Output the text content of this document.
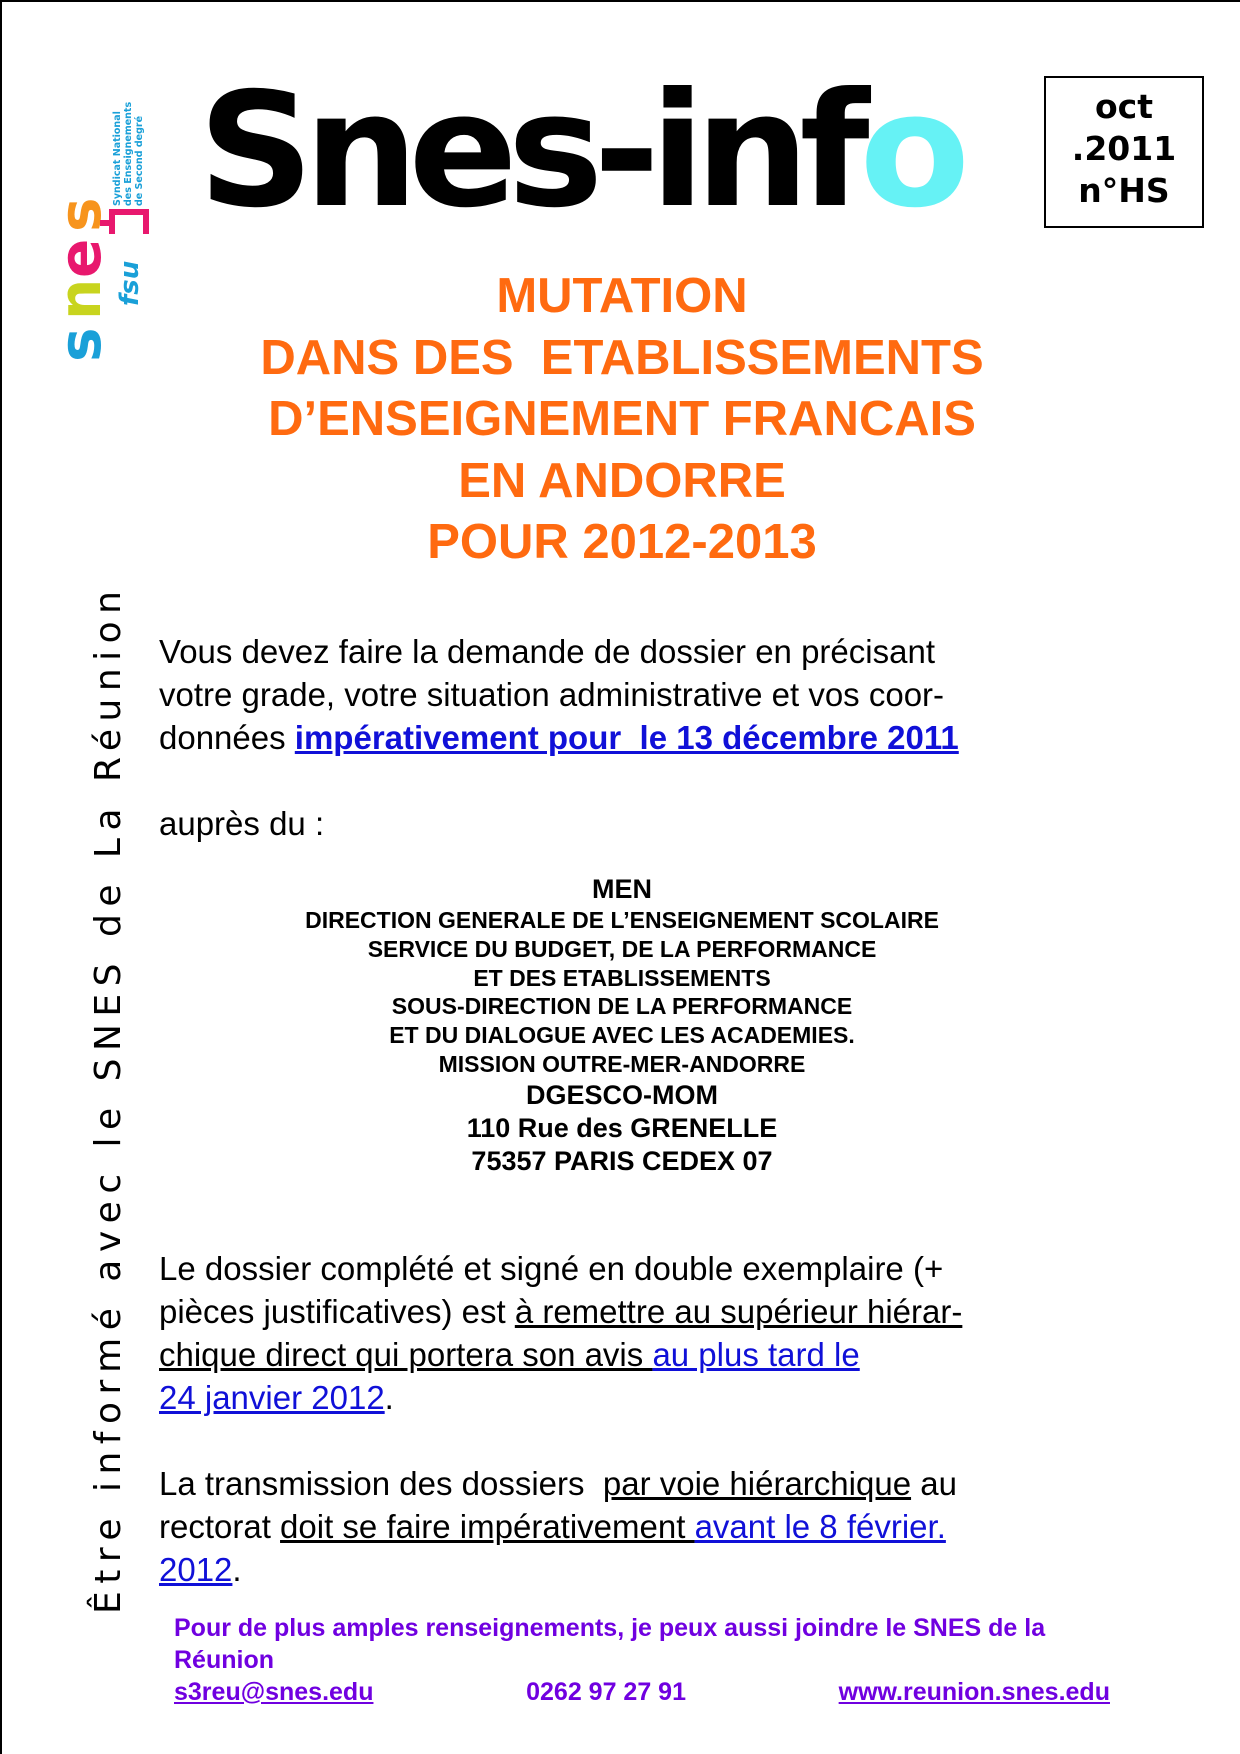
s
n
e
s
fsu
Syndicat National des Enseignements de Second degré Snes-info	oct
.2011
n°HS
Être informé avec le SNES de La Réunion
MUTATION
DANS DES  ETABLISSEMENTS
D’ENSEIGNEMENT FRANCAIS
EN ANDORRE
POUR 2012-2013
Vous devez faire la demande de dossier en précisant
votre grade, votre situation administrative et vos coor-
données impérativement pour  le 13 décembre 2011
auprès du :
MEN
DIRECTION GENERALE DE L’ENSEIGNEMENT SCOLAIRE
SERVICE DU BUDGET, DE LA PERFORMANCE
ET DES ETABLISSEMENTS
SOUS-DIRECTION DE LA PERFORMANCE
ET DU DIALOGUE AVEC LES ACADEMIES.
MISSION OUTRE-MER-ANDORRE
DGESCO-MOM
110 Rue des GRENELLE
75357 PARIS CEDEX 07
Le dossier complété et signé en double exemplaire (+
pièces justificatives) est à remettre au supérieur hiérar-
chique direct qui portera son avis au plus tard le
24 janvier 2012.
La transmission des dossiers  par voie hiérarchique au
rectorat doit se faire impérativement avant le 8 février.
2012.
Pour de plus amples renseignements, je peux aussi joindre le SNES de la Réunion
s3reu@snes.edu	0262 97 27 91	www.reunion.snes.edu
